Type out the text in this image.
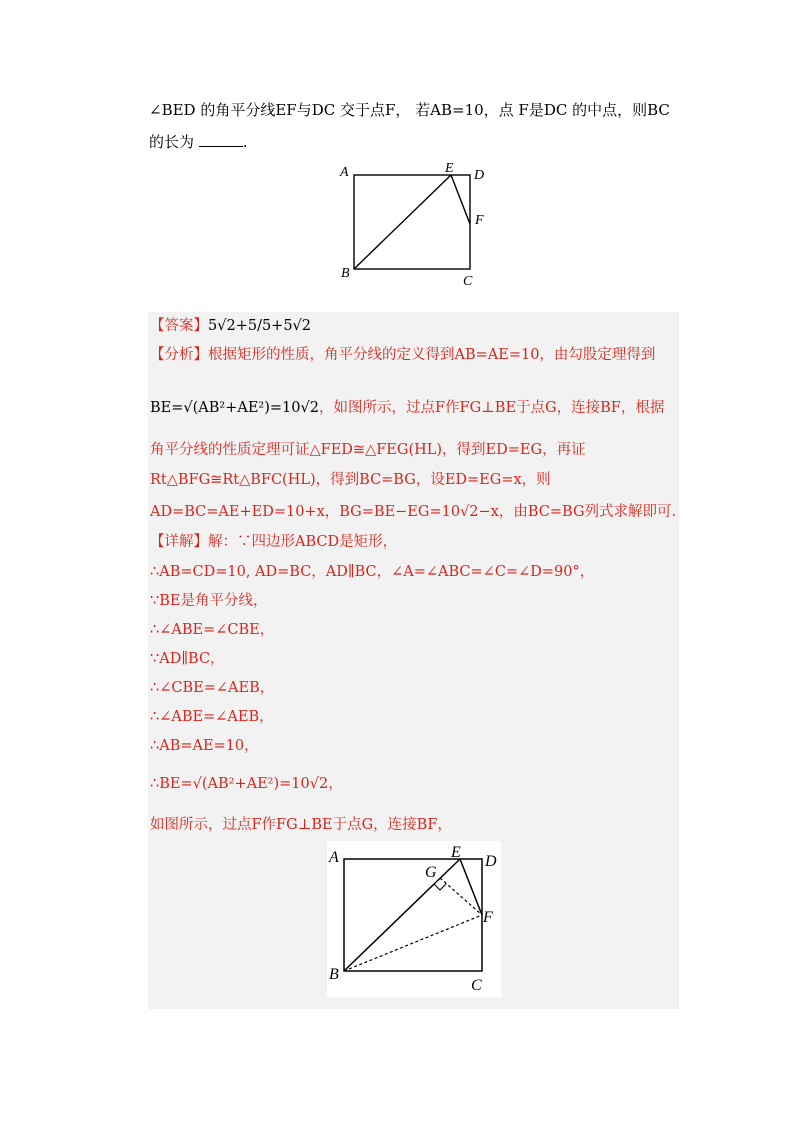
∠BED 的角平分线EF与DC 交于点F， 若AB=10，点 F是DC 的中点，则BC
的长为	.
A	E D
F
B
C
【答案】5√2+5/5+5√2
【分析】根据矩形的性质，角平分线的定义得到AB=AE=10，由勾股定理得到
BE=√(AB²+AE²)=10√2，如图所示，过点F作FG⊥BE于点G，连接BF，根据
角平分线的性质定理可证△FED≅△FEG(HL)，得到ED=EG，再证
Rt△BFG≅Rt△BFC(HL)，得到BC=BG，设ED=EG=x，则
AD=BC=AE+ED=10+x，BG=BE−EG=10√2−x，由BC=BG列式求解即可.
【详解】解：∵四边形ABCD是矩形，
∴AB=CD=10, AD=BC，AD∥BC，∠A=∠ABC=∠C=∠D=90°，
∵BE是角平分线，
∴∠ABE=∠CBE，
∵AD∥BC，
∴∠CBE=∠AEB，
∴∠ABE=∠AEB，
∴AB=AE=10，
∴BE=√(AB²+AE²)=10√2，
如图所示，过点F作FG⊥BE于点G，连接BF，
A
G
E
D
F
B
C
